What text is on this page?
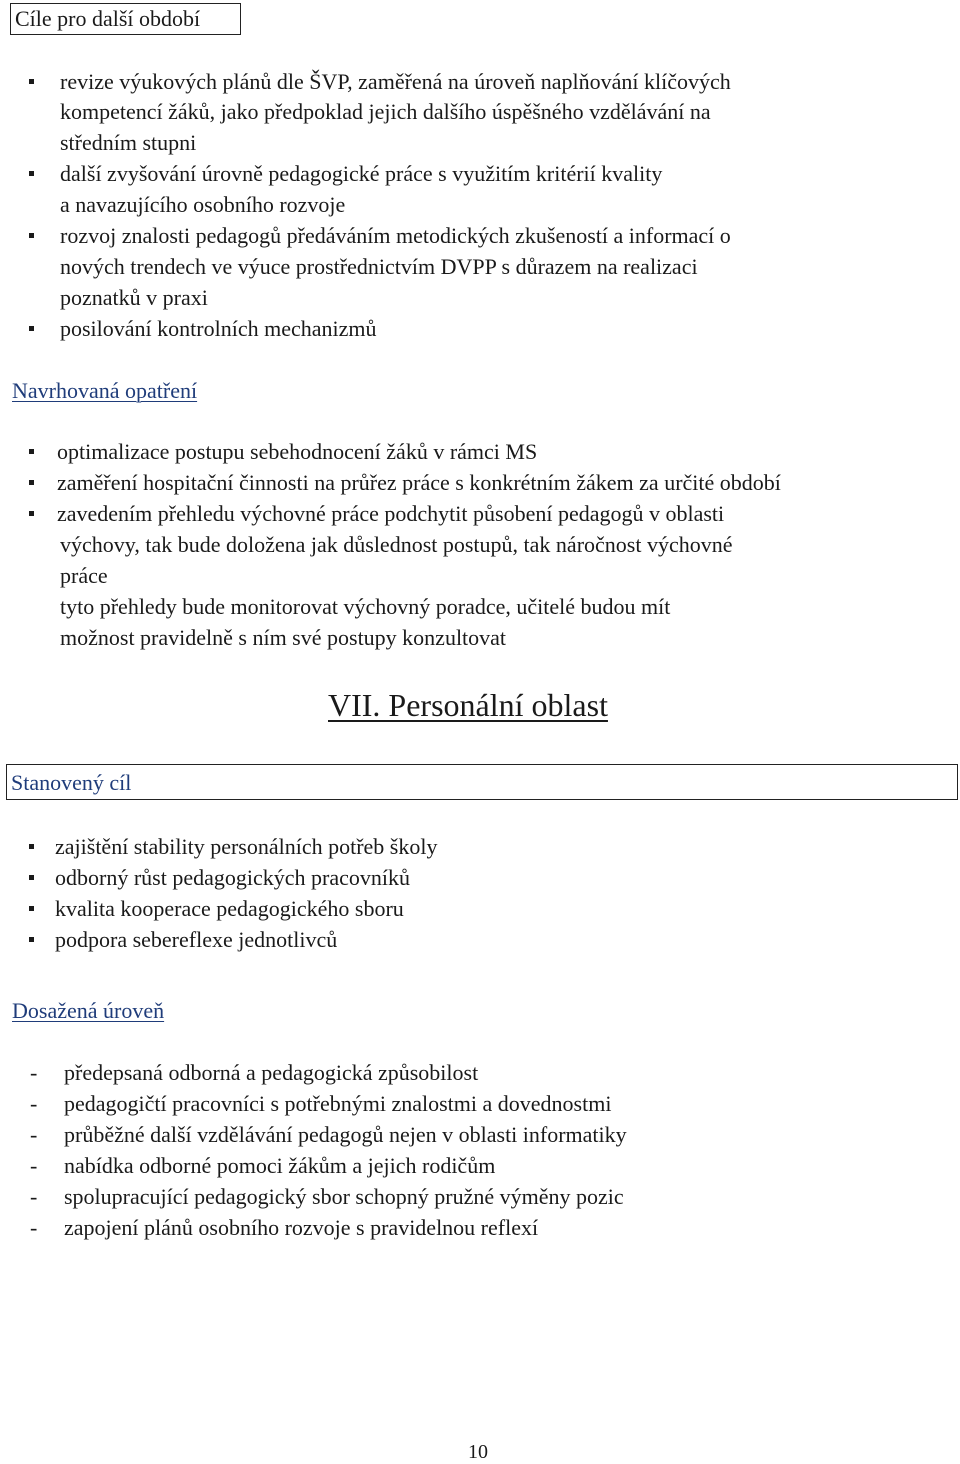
Cíle pro další období
revize výukových plánů dle ŠVP, zaměřená na úroveň naplňování klíčových
kompetencí žáků, jako předpoklad jejich dalšího úspěšného vzdělávání na
středním stupni
další zvyšování úrovně pedagogické práce s využitím kritérií kvality
a navazujícího osobního rozvoje
rozvoj znalosti pedagogů předáváním metodických zkušeností a informací o
nových trendech ve výuce prostřednictvím DVPP s důrazem na realizaci
poznatků v praxi
posilování kontrolních mechanizmů
Navrhovaná opatření
optimalizace postupu sebehodnocení žáků v rámci MS
zaměření hospitační činnosti na průřez práce s konkrétním žákem za určité období
zavedením přehledu výchovné práce podchytit působení pedagogů v oblasti
výchovy, tak bude doložena jak důslednost postupů, tak náročnost výchovné
práce
tyto přehledy bude monitorovat výchovný poradce, učitelé budou mít
možnost pravidelně s ním své postupy konzultovat
VII. Personální oblast
Stanovený cíl
zajištění stability personálních potřeb školy
odborný růst pedagogických pracovníků
kvalita kooperace pedagogického sboru
podpora sebereflexe jednotlivců
Dosažená úroveň
- předepsaná odborná a pedagogická způsobilost
- pedagogičtí pracovníci s potřebnými znalostmi a dovednostmi
- průběžné další vzdělávání pedagogů nejen v oblasti informatiky
- nabídka odborné pomoci žákům a jejich rodičům
- spolupracující pedagogický sbor schopný pružné výměny pozic
- zapojení plánů osobního rozvoje s pravidelnou reflexí
10
